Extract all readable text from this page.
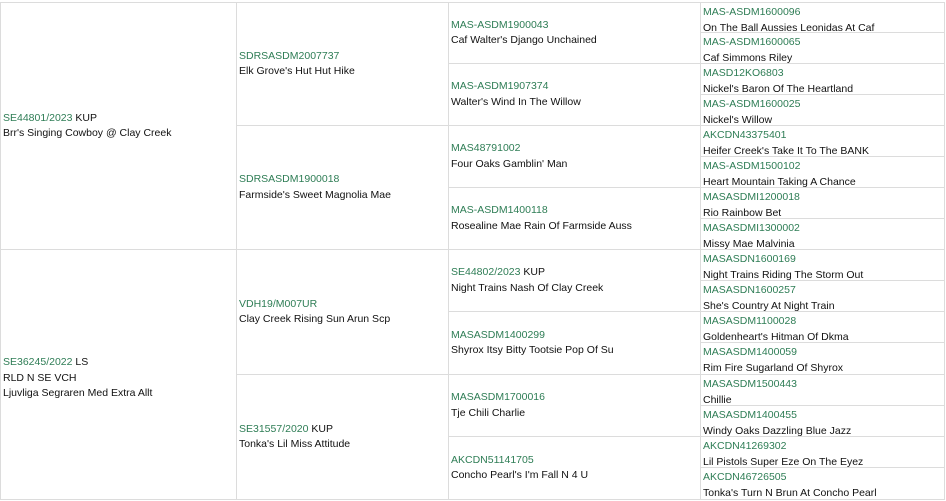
SE44801/2023 KUP
Brr's Singing Cowboy @ Clay Creek
SE36245/2022 LS
RLD N SE VCH
Ljuvliga Segraren Med Extra Allt
SDRSASDM2007737
Elk Grove's Hut Hut Hike
SDRSASDM1900018
Farmside's Sweet Magnolia Mae
VDH19/M007UR
Clay Creek Rising Sun Arun Scp
SE31557/2020 KUP
Tonka's Lil Miss Attitude
MAS-ASDM1900043
Caf Walter's Django Unchained
MAS-ASDM1907374
Walter's Wind In The Willow
MAS48791002
Four Oaks Gamblin' Man
MAS-ASDM1400118
Rosealine Mae Rain Of Farmside Auss
SE44802/2023 KUP
Night Trains Nash Of Clay Creek
MASASDM1400299
Shyrox Itsy Bitty Tootsie Pop Of Su
MASASDM1700016
Tje Chili Charlie
AKCDN51141705
Concho Pearl's I'm Fall N 4 U
MAS-ASDM1600096
On The Ball Aussies Leonidas At Caf
MAS-ASDM1600065
Caf Simmons Riley
MASD12KO6803
Nickel's Baron Of The Heartland
MAS-ASDM1600025
Nickel's Willow
AKCDN43375401
Heifer Creek's Take It To The BANK
MAS-ASDM1500102
Heart Mountain Taking A Chance
MASASDMI1200018
Rio Rainbow Bet
MASASDMI1300002
Missy Mae Malvinia
MASASDN1600169
Night Trains Riding The Storm Out
MASASDN1600257
She's Country At Night Train
MASASDM1100028
Goldenheart's Hitman Of Dkma
MASASDM1400059
Rim Fire Sugarland Of Shyrox
MASASDM1500443
Chillie
MASASDM1400455
Windy Oaks Dazzling Blue Jazz
AKCDN41269302
Lil Pistols Super Eze On The Eyez
AKCDN46726505
Tonka's Turn N Brun At Concho Pearl
